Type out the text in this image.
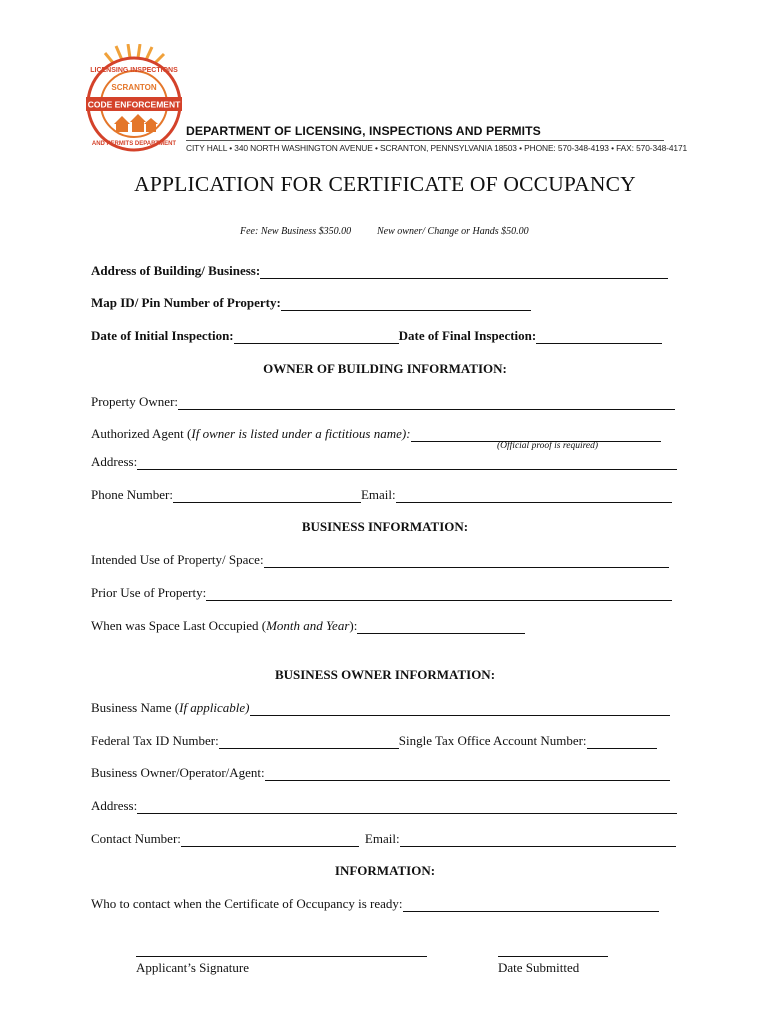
LICENSING INSPECTIONS
SCRANTON
CODE ENFORCEMENT
AND PERMITS DEPARTMENT
DEPARTMENT OF LICENSING, INSPECTIONS AND PERMITS
CITY HALL • 340 NORTH WASHINGTON AVENUE • SCRANTON, PENNSYLVANIA 18503 • PHONE: 570-348-4193 • FAX: 570-348-4171
APPLICATION FOR CERTIFICATE OF OCCUPANCY
Fee: New Business $350.00	New owner/ Change or Hands $50.00
Address of Building/ Business:
Map ID/ Pin Number of Property:
Date of Initial Inspection:	Date of Final Inspection:
OWNER OF BUILDING INFORMATION:
Property Owner:
Authorized Agent ( If owner is listed under a fictitious name):
(Official proof is required)
Address:
Phone Number:	Email:
BUSINESS INFORMATION:
Intended Use of Property/ Space:
Prior Use of Property:
When was Space Last Occupied ( Month and Year ):
BUSINESS OWNER INFORMATION:
Business Name ( If applicable)
Federal Tax ID Number:	Single Tax Office Account Number:
Business Owner/Operator/Agent:
Address:
Contact Number:	Email:
INFORMATION:
Who to contact when the Certificate of Occupancy is ready:
Applicant’s Signature	Date Submitted
